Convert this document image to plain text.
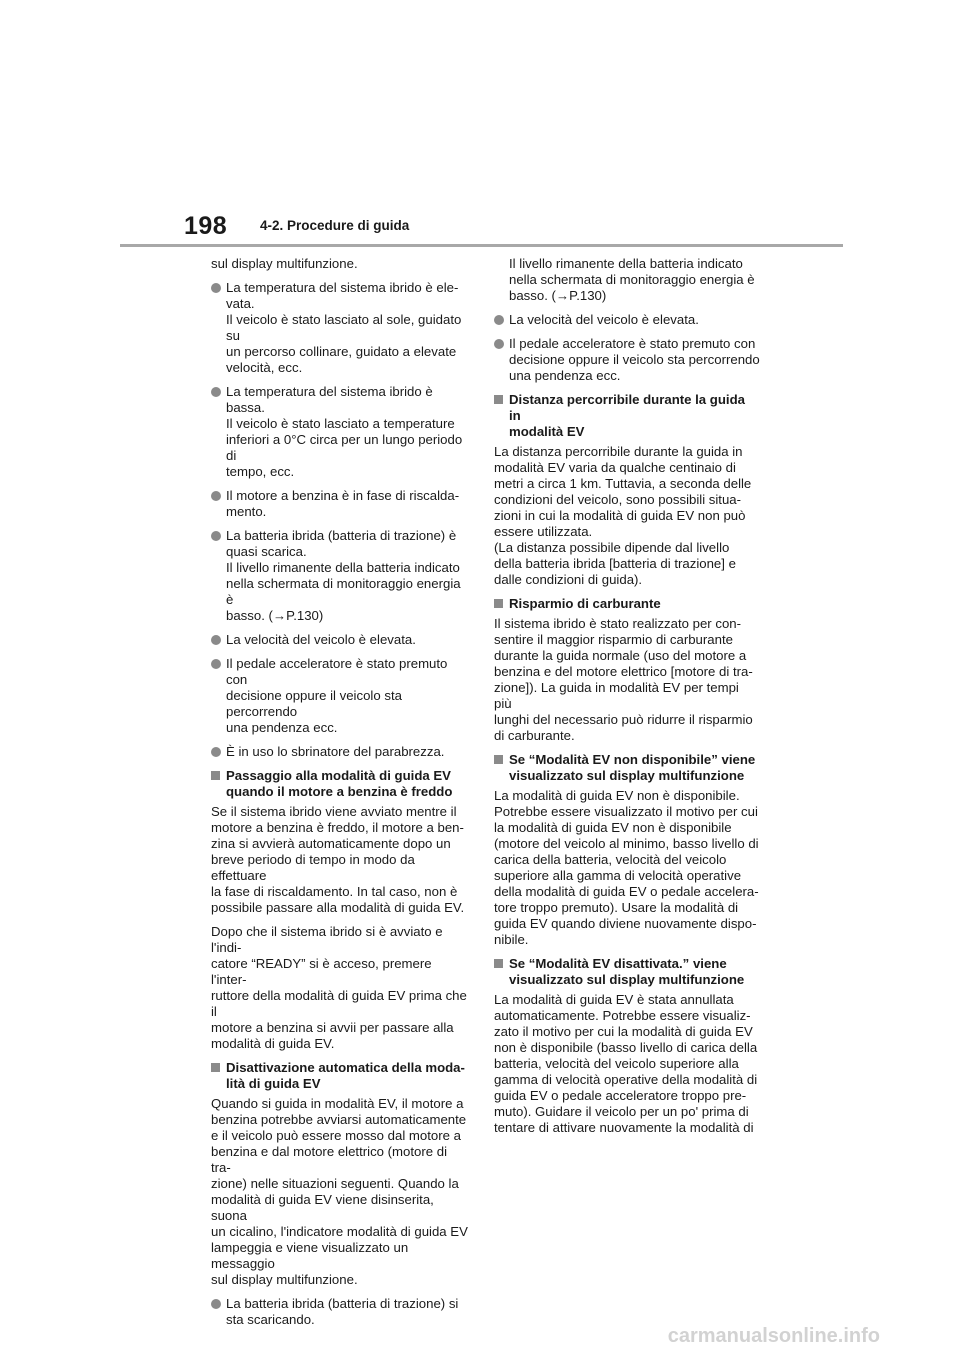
198 4-2. Procedure di guida

sul display multifunzione.

La temperatura del sistema ibrido è ele-
vata.
Il veicolo è stato lasciato al sole, guidato su
un percorso collinare, guidato a elevate
velocità, ecc.
La temperatura del sistema ibrido è bassa.
Il veicolo è stato lasciato a temperature
inferiori a 0°C circa per un lungo periodo di
tempo, ecc.
Il motore a benzina è in fase di riscalda-
mento.
La batteria ibrida (batteria di trazione) è
quasi scarica.
Il livello rimanente della batteria indicato
nella schermata di monitoraggio energia è
basso. (→P.130)
La velocità del veicolo è elevata.
Il pedale acceleratore è stato premuto con
decisione oppure il veicolo sta percorrendo
una pendenza ecc.
È in uso lo sbrinatore del parabrezza.
Passaggio alla modalità di guida EV
quando il motore a benzina è freddo

Se il sistema ibrido viene avviato mentre il
motore a benzina è freddo, il motore a ben-
zina si avvierà automaticamente dopo un
breve periodo di tempo in modo da effettuare
la fase di riscaldamento. In tal caso, non è
possibile passare alla modalità di guida EV.

Dopo che il sistema ibrido si è avviato e l'indi-
catore “READY” si è acceso, premere l'inter-
ruttore della modalità di guida EV prima che il
motore a benzina si avvii per passare alla
modalità di guida EV.

Disattivazione automatica della moda-
lità di guida EV

Quando si guida in modalità EV, il motore a
benzina potrebbe avviarsi automaticamente
e il veicolo può essere mosso dal motore a
benzina e dal motore elettrico (motore di tra-
zione) nelle situazioni seguenti. Quando la
modalità di guida EV viene disinserita, suona
un cicalino, l'indicatore modalità di guida EV
lampeggia e viene visualizzato un messaggio
sul display multifunzione.

La batteria ibrida (batteria di trazione) si
sta scaricando.

Il livello rimanente della batteria indicato
nella schermata di monitoraggio energia è
basso. (→P.130)

La velocità del veicolo è elevata.
Il pedale acceleratore è stato premuto con
decisione oppure il veicolo sta percorrendo
una pendenza ecc.
Distanza percorribile durante la guida in
modalità EV

La distanza percorribile durante la guida in
modalità EV varia da qualche centinaio di
metri a circa 1 km. Tuttavia, a seconda delle
condizioni del veicolo, sono possibili situa-
zioni in cui la modalità di guida EV non può
essere utilizzata.
(La distanza possibile dipende dal livello
della batteria ibrida [batteria di trazione] e
dalle condizioni di guida).

Risparmio di carburante

Il sistema ibrido è stato realizzato per con-
sentire il maggior risparmio di carburante
durante la guida normale (uso del motore a
benzina e del motore elettrico [motore di tra-
zione]). La guida in modalità EV per tempi più
lunghi del necessario può ridurre il risparmio
di carburante.

Se “Modalità EV non disponibile” viene
visualizzato sul display multifunzione

La modalità di guida EV non è disponibile.
Potrebbe essere visualizzato il motivo per cui
la modalità di guida EV non è disponibile
(motore del veicolo al minimo, basso livello di
carica della batteria, velocità del veicolo
superiore alla gamma di velocità operative
della modalità di guida EV o pedale accelera-
tore troppo premuto). Usare la modalità di
guida EV quando diviene nuovamente dispo-
nibile.

Se “Modalità EV disattivata.” viene
visualizzato sul display multifunzione

La modalità di guida EV è stata annullata
automaticamente. Potrebbe essere visualiz-
zato il motivo per cui la modalità di guida EV
non è disponibile (basso livello di carica della
batteria, velocità del veicolo superiore alla
gamma di velocità operative della modalità di
guida EV o pedale acceleratore troppo pre-
muto). Guidare il veicolo per un po' prima di
tentare di attivare nuovamente la modalità di

carmanualsonline.info
